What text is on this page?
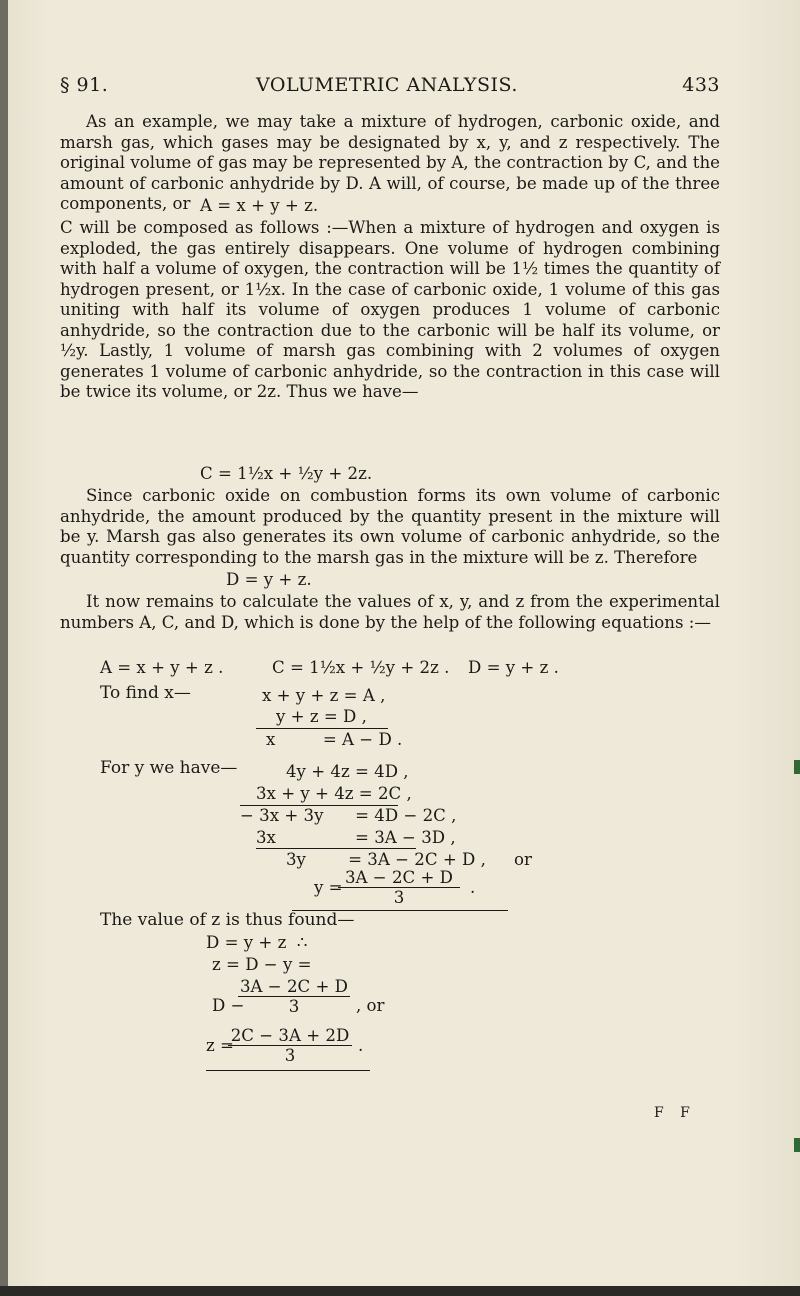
§ 91.	VOLUMETRIC ANALYSIS.	433

As an example, we may take a mixture of hydrogen, carbonic oxide, and marsh gas, which gases may be designated by x, y, and z respectively. The original volume of gas may be represented by A, the contraction by C, and the amount of carbonic anhydride by D. A will, of course, be made up of the three components, or A = x + y + z.

C will be composed as follows :—When a mixture of hydrogen and oxygen is exploded, the gas entirely disappears. One volume of hydrogen combining with half a volume of oxygen, the contraction will be 1½ times the quantity of hydrogen present, or 1½x. In the case of carbonic oxide, 1 volume of this gas uniting with half its volume of oxygen produces 1 volume of carbonic anhydride, so the contraction due to the carbonic will be half its volume, or ½y. Lastly, 1 volume of marsh gas combining with 2 volumes of oxygen generates 1 volume of carbonic anhydride, so the contraction in this case will be twice its volume, or 2z. Thus we have—

C = 1½x + ½y + 2z.

Since carbonic oxide on combustion forms its own volume of carbonic anhydride, the amount produced by the quantity present in the mixture will be y. Marsh gas also generates its own volume of carbonic anhydride, so the quantity corresponding to the marsh gas in the mixture will be z. Therefore

D = y + z.

It now remains to calculate the values of x, y, and z from the experimental numbers A, C, and D, which is done by the help of the following equations :—

A = x + y + z .	C = 1½x + ½y + 2z . D = y + z .
To find x—	x + y + z = A ,
y + z = D ,
x         = A − D .
For y we have—	4y + 4z = 4D ,
3x + y + 4z = 2C ,
− 3x + 3y      = 4D − 2C ,
3x               = 3A − 3D ,
3y        = 3A − 2C + D , or
y =
$\frac{3A - 2C + D}{3}$ .
The value of z is thus found—
D = y + z  ∴
z = D − y =
D −
$\frac{3A - 2C + D}{3}$ , or
z =
$\frac{2C - 3A + 2D}{3}$ .
F F
